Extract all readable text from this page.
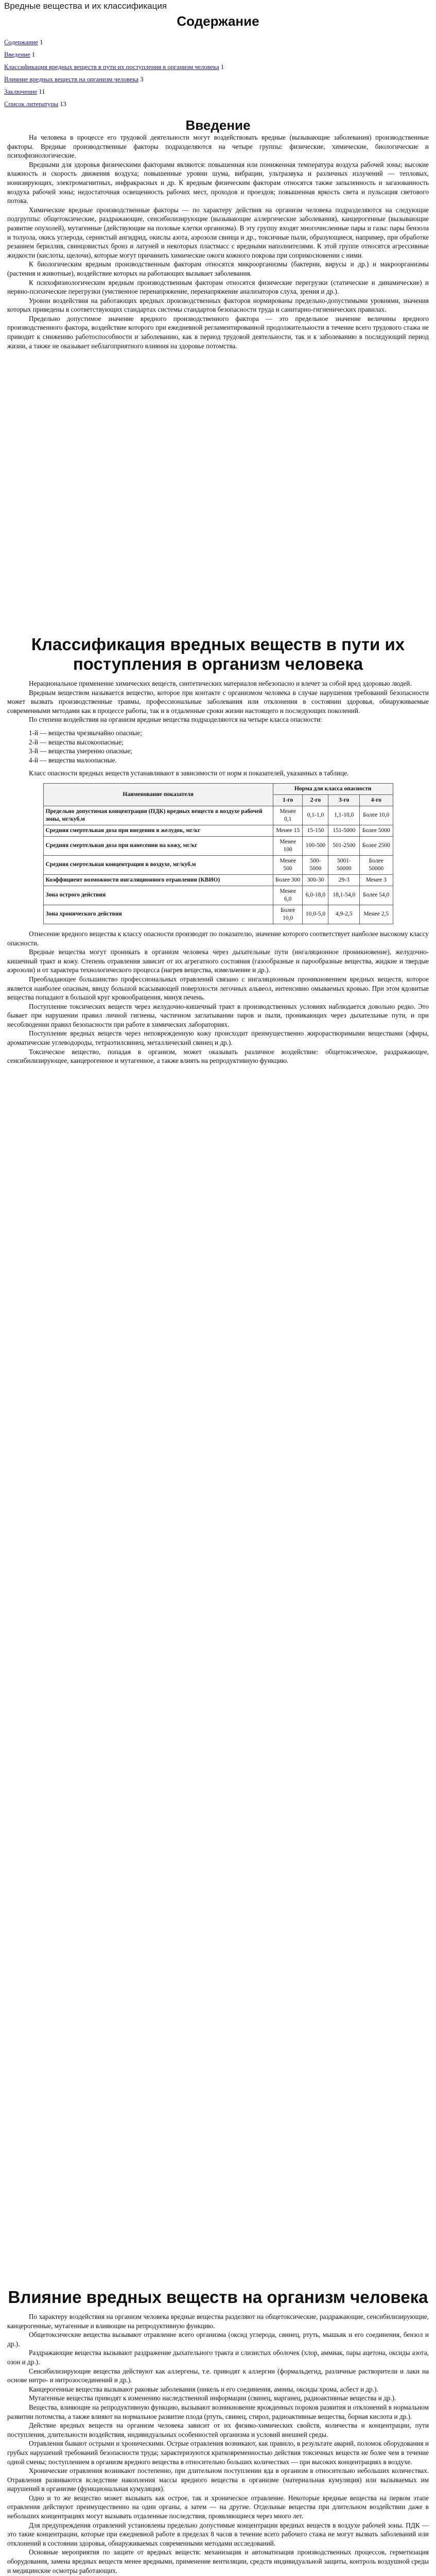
Вредные вещества и их классификация
Содержание
Содержание 1
Введение 1
Классификация вредных веществ в пути их поступления в организм человека 1
Влияние вредных веществ на организм человека 3
Заключение 11
Список литературы 13
Введение

На человека в процессе его трудовой деятельности могут воздействовать вредные (вызывающие заболевания) производственные факторы. Вредные производственные факторы подразделяются на четыре группы: физические, химические, биологические и психофизиологические.

Вредными для здоровья физическими факторами являются: повышенная или пониженная температура воздуха рабочей зоны; высокие влажность и скорость движения воздуха; повышенные уровни шума, вибрации, ультразвука и различных излучений — тепловых, ионизирующих, электромагнитных, инфракрасных и др. К вредным физическим факторам относятся также запыленность и загазованность воздуха рабочей зоны; недостаточная освещенность рабочих мест, проходов и проездов; повышенная яркость света и пульсация светового потока.

Химические вредные производственные факторы — по характеру действия на организм человека подразделяются на следующие подгруппы: общетоксические, раздражающие, сенсибилизирующие (вызывающие аллергические заболевания), канцерогенные (вызывающие развитие опухолей), мутагенные (действующие на половые клетки организма). В эту группу входят многочисленные пары и газы: пары бензола и толуола, окись углерода, сернистый ангидрид, окислы азота, аэрозоли свинца и др., токсичные пыли, образующиеся, например, при обработке резанием бериллия, свинцовистых бронз и латуней и некоторых пластмасс с вредными наполнителями. К этой группе относятся агрессивные жидкости (кислоты, щелочи), которые могут причинить химические ожоги кожного покрова при соприкосновении с ними.

К биологическим вредным производственным факторам относятся микроорганизмы (бактерии, вирусы и др.) и макроорганизмы (растения и животные), воздействие которых на работающих вызывает заболевания.

К психофизиологическим вредным производственным факторам относятся физические перегрузки (статические и динамические) и нервно-психические перегрузки (умственное перенапряжение, перенапряжение анализаторов слуха, зрения и др.).

Уровни воздействия на работающих вредных производственных факторов нормированы предельно-допустимыми уровнями, значения которых приведены в соответствующих стандартах системы стандартов безопасности труда и санитарно-гигиенических правилах.

Предельно допустимое значение вредного производственного фактора — это предельное значение величины вредного производственного фактора, воздействие которого при ежедневной регламентированной продолжительности в течение всего трудового стажа не приводит к снижению работоспособности и заболеванию, как в период трудовой деятельности, так и к заболеванию в последующий период жизни, а также не оказывает неблагоприятного влияния на здоровье потомства.

Классификация вредных веществ в пути их поступления в организм человека

Нерациональное применение химических веществ, синтетических материалов небезопасно и влечет за собой вред здоровью людей.

Вредным веществом называется вещество, которое при контакте с организмом человека в случае нарушения требований безопасности может вызвать производственные травмы, профессиональные заболевания или отклонения в состоянии здоровья, обнаруживаемые современными методами как в процессе работы, так и в отдаленные сроки жизни настоящего и последующих поколений.

По степени воздействия на организм вредные вещества подразделяются на четыре класса опасности:

1-й — вещества чрезвычайно опасные;

2-й — вещества высокоопасные;

3-й — вещества умеренно опасные;

4-й — вещества малоопасные.

Класс опасности вредных веществ устанавливают в зависимости от норм и показателей, указанных в таблице.

Наименование показателя	Норма для класса опасности			
	1-го	2-го	3-го	4-го
Предельно допустимая концентрация (ПДК) вредных веществ в воздухе рабочей зоны, мг/куб.м	Менее 0,1	0,1-1,0	1,1-10,0	Более 10,0
Средняя смертельная доза при введении в желудок, мг/кг	Менее 15	15-150	151-5000	Более 5000
Средняя смертельная доза при нанесении на кожу, мг/кг	Менее 100	100-500	501-2500	Более 2500
Средняя смертельная концентрация в воздухе, мг/куб.м	Менее 500	500-5000	5001-50000	Более 50000
Коэффициент возможности ингаляционного отравления (КВИО)	Более 300	300-30	29-3	Менее 3
Зона острого действия	Менее 6,0	6,0-18,0	18,1-54,0	Более 54,0
Зона хронического действия	Более 10,0	10,0-5,0	4,9-2,5	Менее 2,5

Отнесение вредного вещества к классу опасности производят по показателю, значение которого соответствует наиболее высокому классу опасности.

Вредные вещества могут проникать в организм человека через дыхательные пути (ингаляционное проникновение), желудочно-кишечный тракт и кожу. Степень отравления зависит от их агрегатного состояния (газообразные и парообразные вещества, жидкие и твердые аэрозоли) и от характера технологического процесса (нагрев вещества, измельчение и др.).

Преобладающее большинство профессиональных отравлений связано с ингаляционным проникновением вредных веществ, которое является наиболее опасным, ввиду большой всасывающей поверхности легочных альвеол, интенсивно омываемых кровью. При этом ядовитые вещества попадают в большой круг кровообращения, минуя печень.

Поступление токсических веществ через желудочно-кишечный тракт в производственных условиях наблюдается довольно редко. Это бывает при нарушении правил личной гигиены, частичном заглатывании паров и пыли, проникающих через дыхательные пути, и при несоблюдении правил безопасности при работе в химических лабораториях.

Поступление вредных веществ через неповрежденную кожу происходит преимущественно жирорастворимыми веществами (эфиры, ароматические углеводороды, тетраэтилсвинец, металлический свинец и др.).

Токсическое вещество, попадая в организм, может оказывать различное воздействие: общетоксическое, раздражающее, сенсибилизирующее, канцерогенное и мутагенное, а также влиять на репродуктивную функцию.

Влияние вредных веществ на организм человека

По характеру воздействия на организм человека вредные вещества разделяют на общетоксические, раздражающие, сенсибилизирующие, канцерогенные, мутагенные и влияющие на репродуктивную функцию.

Общетоксические вещества вызывают отравление всего организма (оксид углерода, свинец, ртуть, мышьяк и его соединения, бензол и др.).

Раздражающие вещества вызывают раздражение дыхательного тракта и слизистых оболочек (хлор, аммиак, пары ацетона, оксиды азота, озон и др.).

Сенсибилизирующие вещества действуют как аллергены, т.е. приводят к аллергии (формальдегид, различные растворители и лаки на основе нитро- и нитрозосоединений и др.).

Канцерогенные вещества вызывают раковые заболевания (никель и его соединения, амины, оксиды хрома, асбест и др.).

Мутагенные вещества приводят к изменению наследственной информации (свинец, марганец, радиоактивные вещества и др.).

Вещества, влияющие на репродуктивную функцию, вызывают возникновение врожденных пороков развития и отклонений в нормальном развитии потомства, а также влияют на нормальное развитие плода (ртуть, свинец, стирол, радиоактивные вещества, борная кислота и др.).

Действие вредных веществ на организм человека зависит от их физико-химических свойств, количества и концентрации, пути поступления, длительности воздействия, индивидуальных особенностей организма и условий внешней среды.

Отравления бывают острыми и хроническими. Острые отравления возникают, как правило, в результате аварий, поломок оборудования и грубых нарушений требований безопасности труда; характеризуются кратковременностью действия токсичных веществ не более чем в течение одной смены; поступлением в организм вредного вещества в относительно больших количествах — при высоких концентрациях в воздухе.

Хронические отравления возникают постепенно, при длительном поступлении яда в организм в относительно небольших количествах. Отравления развиваются вследствие накопления массы вредного вещества в организме (материальная кумуляция) или вызываемых им нарушений в организме (функциональная кумуляция).

Одно и то же вещество может вызывать как острое, так и хроническое отравление. Некоторые вредные вещества на первом этапе отравления действуют преимущественно на одни органы, а затем — на другие. Отдельные вещества при длительном воздействии даже в небольших концентрациях могут вызывать отдаленные последствия, проявляющиеся через много лет.

Для предупреждения отравлений установлены предельно допустимые концентрации вредных веществ в воздухе рабочей зоны. ПДК — это такие концентрации, которые при ежедневной работе в пределах 8 часов в течение всего рабочего стажа не могут вызвать заболеваний или отклонений в состоянии здоровья, обнаруживаемых современными методами исследований.

Основные мероприятия по защите от вредных веществ: механизация и автоматизация производственных процессов, герметизация оборудования, замена вредных веществ менее вредными, применение вентиляции, средств индивидуальной защиты, контроль воздушной среды и медицинские осмотры работающих.
